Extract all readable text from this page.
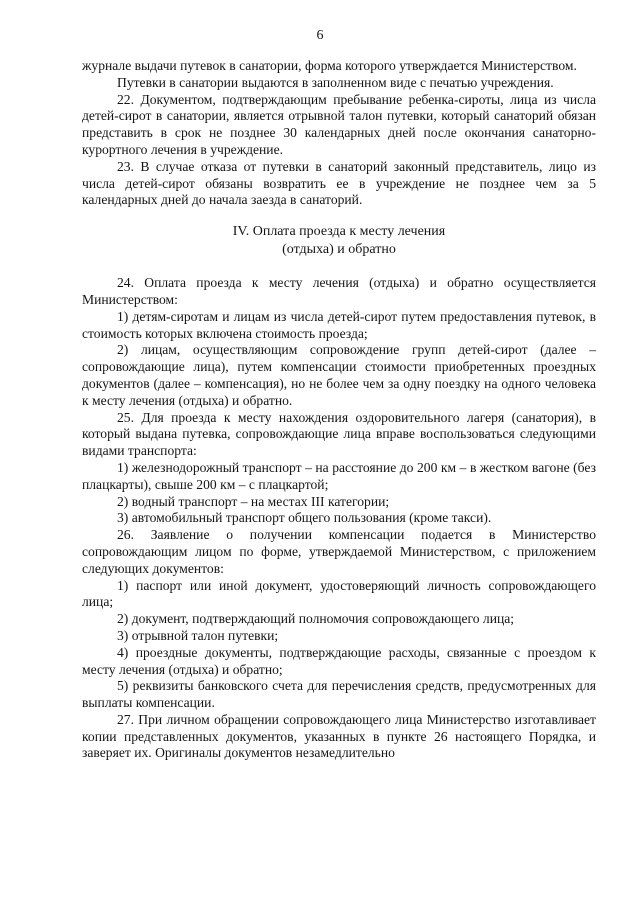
6

журнале выдачи путевок в санатории, форма которого утверждается Министерством.

Путевки в санатории выдаются в заполненном виде с печатью учреждения.

22. Документом, подтверждающим пребывание ребенка-сироты, лица из числа детей-сирот в санатории, является отрывной талон путевки, который санаторий обязан представить в срок не позднее 30 календарных дней после окончания санаторно-курортного лечения в учреждение.

23. В случае отказа от путевки в санаторий законный представитель, лицо из числа детей-сирот обязаны возвратить ее в учреждение не позднее чем за 5 календарных дней до начала заезда в санаторий.

IV. Оплата проезда к месту лечения
(отдыха) и обратно

24. Оплата проезда к месту лечения (отдыха) и обратно осуществляется Министерством:

1) детям-сиротам и лицам из числа детей-сирот путем предоставления путевок, в стоимость которых включена стоимость проезда;

2) лицам, осуществляющим сопровождение групп детей-сирот (далее – сопровождающие лица), путем компенсации стоимости приобретенных проездных документов (далее – компенсация), но не более чем за одну поездку на одного человека к месту лечения (отдыха) и обратно.

25. Для проезда к месту нахождения оздоровительного лагеря (санатория), в который выдана путевка, сопровождающие лица вправе воспользоваться следующими видами транспорта:

1) железнодорожный транспорт – на расстояние до 200 км – в жестком вагоне (без плацкарты), свыше 200 км – с плацкартой;

2) водный транспорт – на местах III категории;

3) автомобильный транспорт общего пользования (кроме такси).

26. Заявление о получении компенсации подается в Министерство сопровождающим лицом по форме, утверждаемой Министерством, с приложением следующих документов:

1) паспорт или иной документ, удостоверяющий личность сопровождающего лица;

2) документ, подтверждающий полномочия сопровождающего лица;

3) отрывной талон путевки;

4) проездные документы, подтверждающие расходы, связанные с проездом к месту лечения (отдыха) и обратно;

5) реквизиты банковского счета для перечисления средств, предусмотренных для выплаты компенсации.

27. При личном обращении сопровождающего лица Министерство изготавливает копии представленных документов, указанных в пункте 26 настоящего Порядка, и заверяет их. Оригиналы документов незамедлительно
